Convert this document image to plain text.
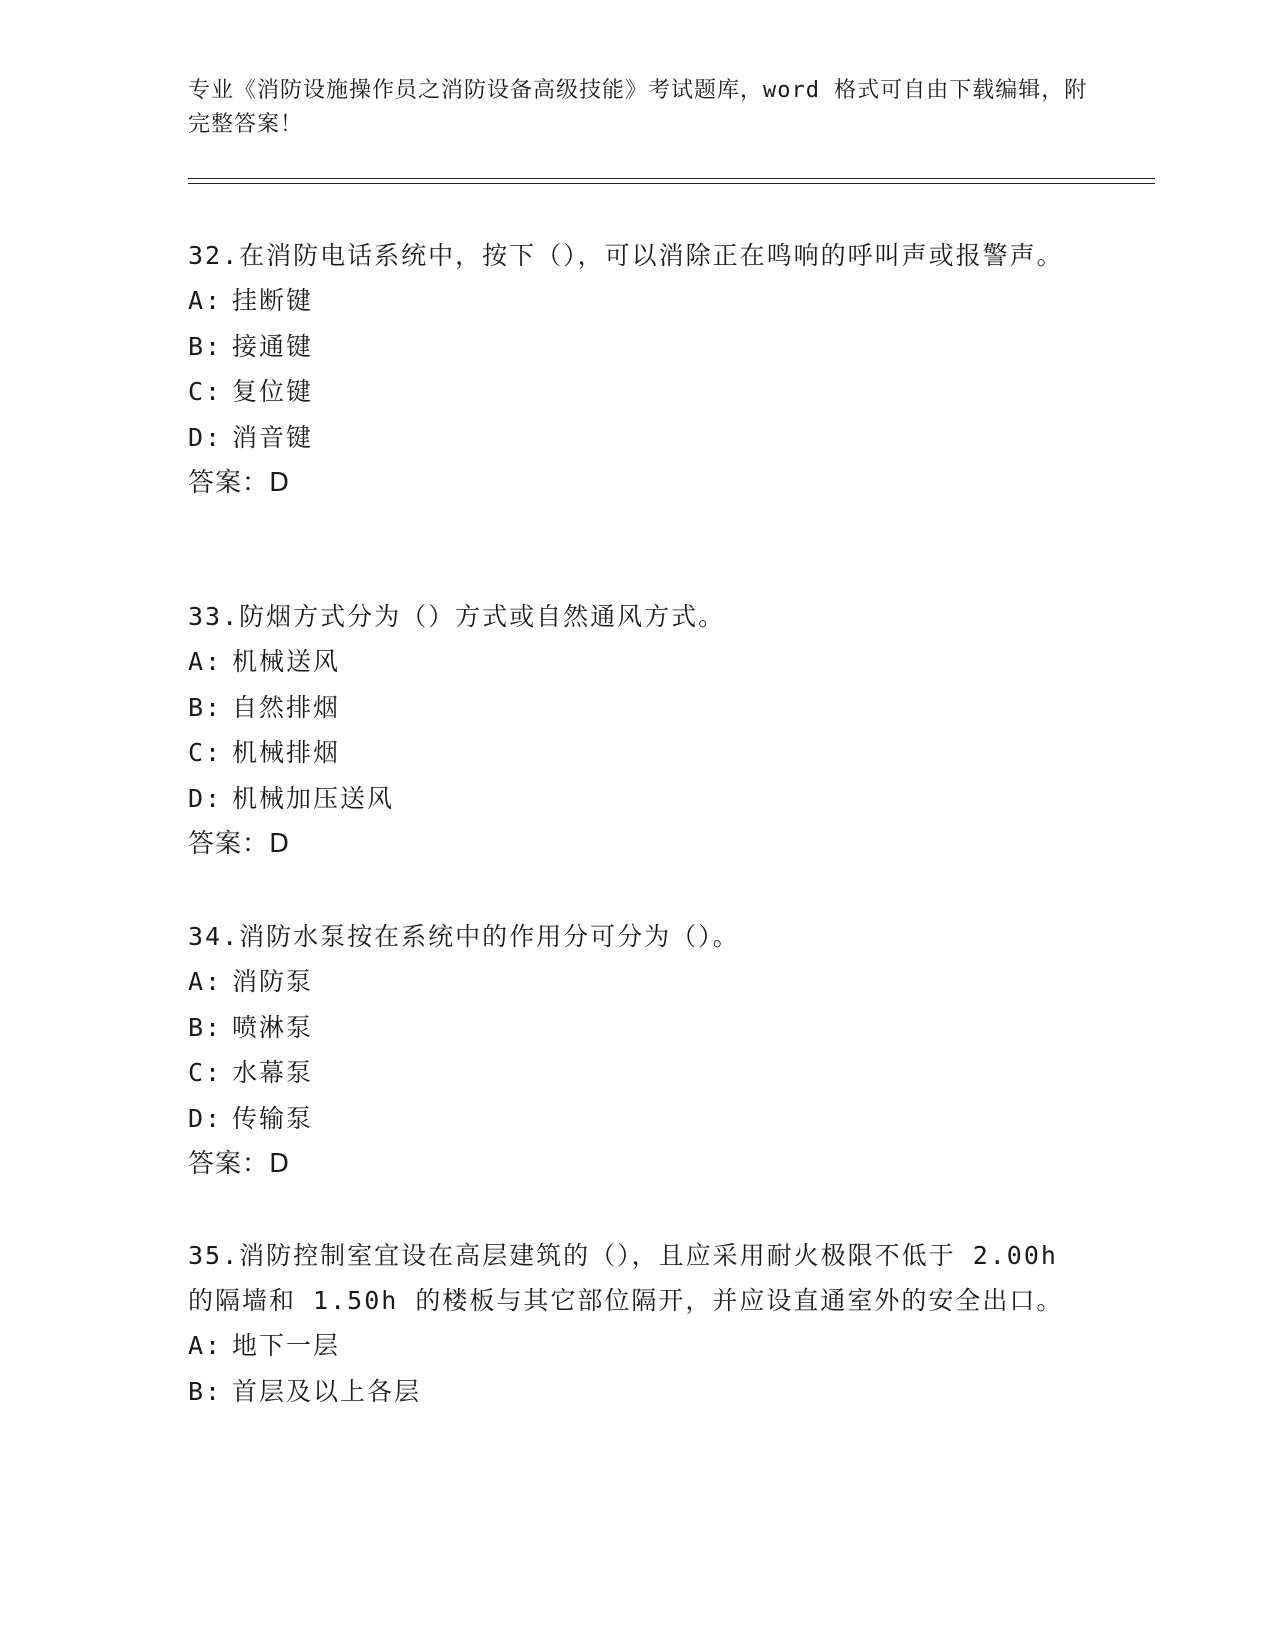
专业《消防设施操作员之消防设备高级技能》考试题库，word 格式可自由下载编辑，附完整答案！
32.在消防电话系统中，按下（），可以消除正在鸣响的呼叫声或报警声。
A: 挂断键
B: 接通键
C: 复位键
D: 消音键
答案：D
33.防烟方式分为（）方式或自然通风方式。
A: 机械送风
B: 自然排烟
C: 机械排烟
D: 机械加压送风
答案：D
34.消防水泵按在系统中的作用分可分为（）。
A: 消防泵
B: 喷淋泵
C: 水幕泵
D: 传输泵
答案：D
35.消防控制室宜设在高层建筑的（），且应采用耐火极限不低于 2.00h 的隔墙和 1.50h 的楼板与其它部位隔开，并应设直通室外的安全出口。
A: 地下一层
B: 首层及以上各层
